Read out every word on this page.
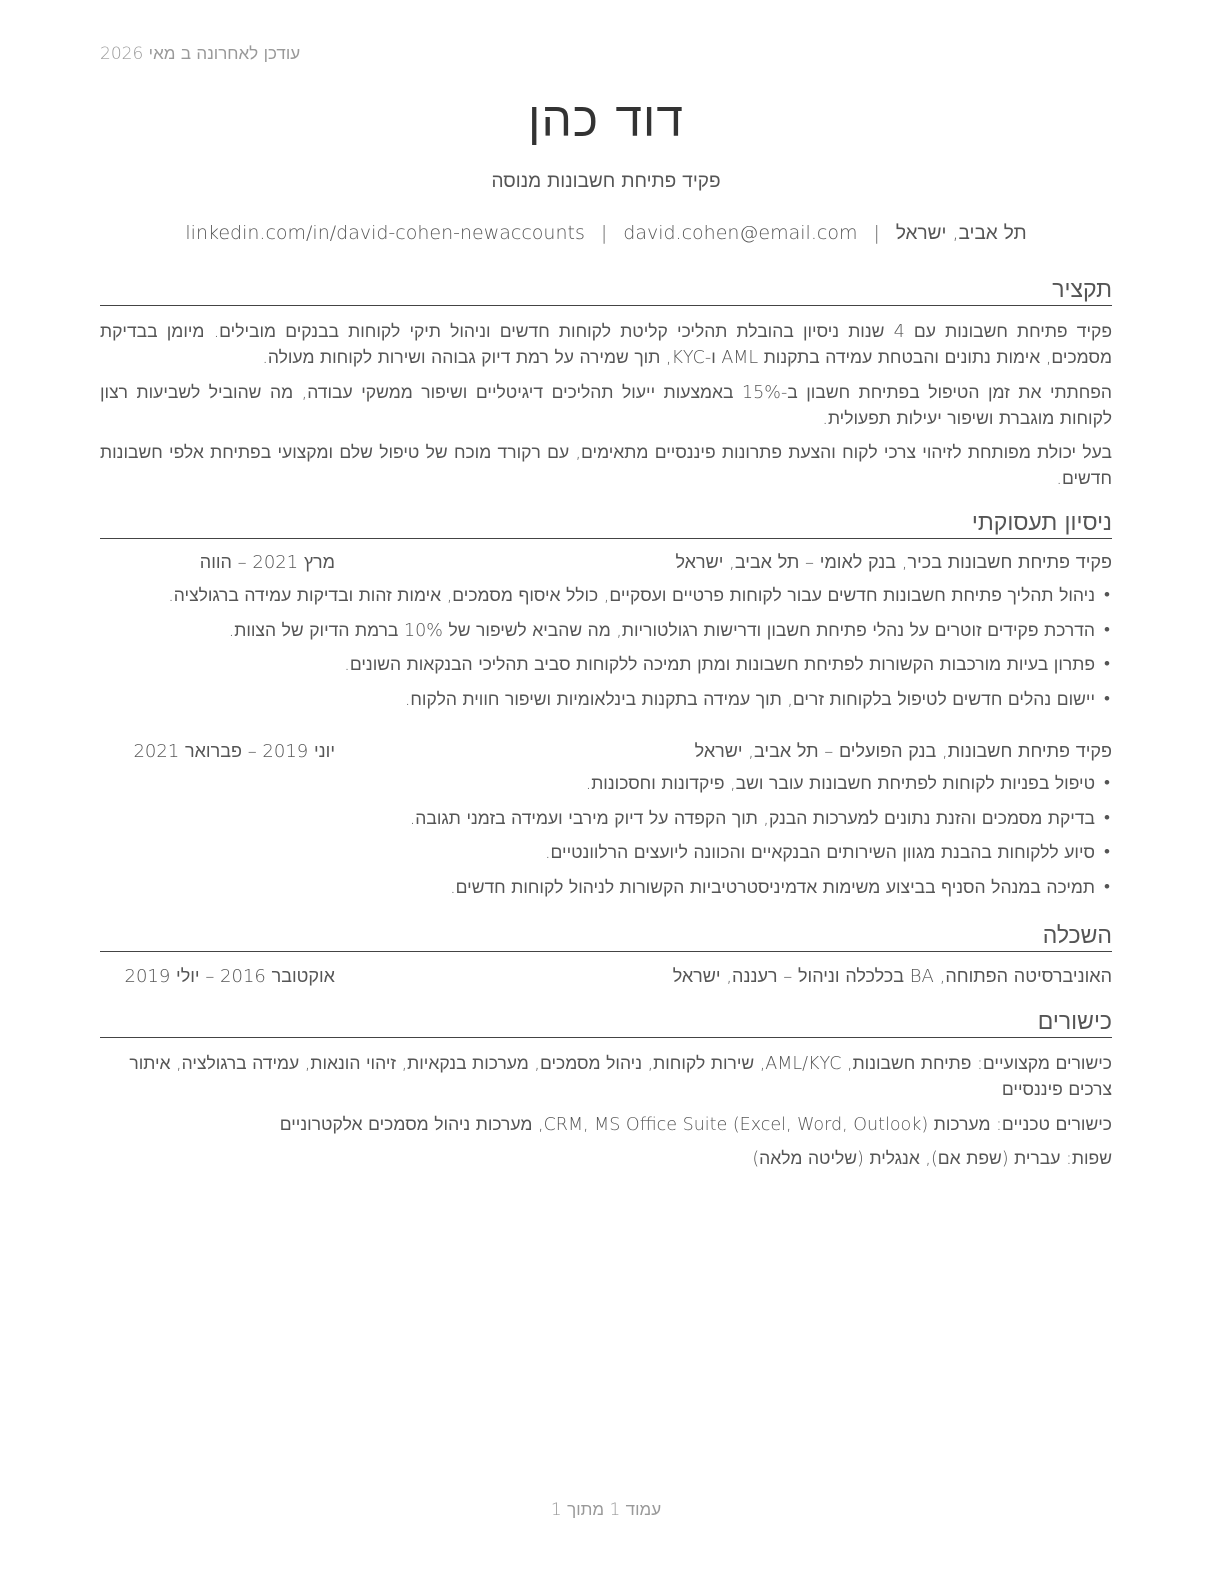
עודכן לאחרונה ב מאי 2026
דוד כהן
פקיד פתיחת חשבונות מנוסה
תל אביב, ישראל|david.cohen@email.com|linkedin.com/in/david-cohen-newaccounts
תקציר
פקיד פתיחת חשבונות עם 4 שנות ניסיון בהובלת תהליכי קליטת לקוחות חדשים וניהול תיקי לקוחות בבנקים מובילים. מיומן בבדיקת מסמכים, אימות נתונים והבטחת עמידה בתקנות AML ו-KYC, תוך שמירה על רמת דיוק גבוהה ושירות לקוחות מעולה.
הפחתתי את זמן הטיפול בפתיחת חשבון ב-15% באמצעות ייעול תהליכים דיגיטליים ושיפור ממשקי עבודה, מה שהוביל לשביעות רצון לקוחות מוגברת ושיפור יעילות תפעולית.
בעל יכולת מפותחת לזיהוי צרכי לקוח והצעת פתרונות פיננסיים מתאימים, עם רקורד מוכח של טיפול שלם ומקצועי בפתיחת אלפי חשבונות חדשים.
ניסיון תעסוקתי
פקיד פתיחת חשבונות בכיר, בנק לאומי – תל אביב, ישראל
מרץ 2021 – הווה
•
ניהול תהליך פתיחת חשבונות חדשים עבור לקוחות פרטיים ועסקיים, כולל איסוף מסמכים, אימות זהות ובדיקות עמידה ברגולציה.
•
הדרכת פקידים זוטרים על נהלי פתיחת חשבון ודרישות רגולטוריות, מה שהביא לשיפור של 10% ברמת הדיוק של הצוות.
•
פתרון בעיות מורכבות הקשורות לפתיחת חשבונות ומתן תמיכה ללקוחות סביב תהליכי הבנקאות השונים.
•
יישום נהלים חדשים לטיפול בלקוחות זרים, תוך עמידה בתקנות בינלאומיות ושיפור חווית הלקוח.
פקיד פתיחת חשבונות, בנק הפועלים – תל אביב, ישראל
יוני 2019 – פברואר 2021
•
טיפול בפניות לקוחות לפתיחת חשבונות עובר ושב, פיקדונות וחסכונות.
•
בדיקת מסמכים והזנת נתונים למערכות הבנק, תוך הקפדה על דיוק מירבי ועמידה בזמני תגובה.
•
סיוע ללקוחות בהבנת מגוון השירותים הבנקאיים והכוונה ליועצים הרלוונטיים.
•
תמיכה במנהל הסניף בביצוע משימות אדמיניסטרטיביות הקשורות לניהול לקוחות חדשים.
השכלה
האוניברסיטה הפתוחה, BA בכלכלה וניהול – רעננה, ישראל
אוקטובר 2016 – יולי 2019
כישורים
כישורים מקצועיים: פתיחת חשבונות, AML/KYC, שירות לקוחות, ניהול מסמכים, מערכות בנקאיות, זיהוי הונאות, עמידה ברגולציה, איתור צרכים פיננסיים
כישורים טכניים: מערכות CRM, MS Office Suite (Excel, Word, Outlook), מערכות ניהול מסמכים אלקטרוניים
שפות: עברית (שפת אם), אנגלית (שליטה מלאה)
עמוד 1 מתוך 1
